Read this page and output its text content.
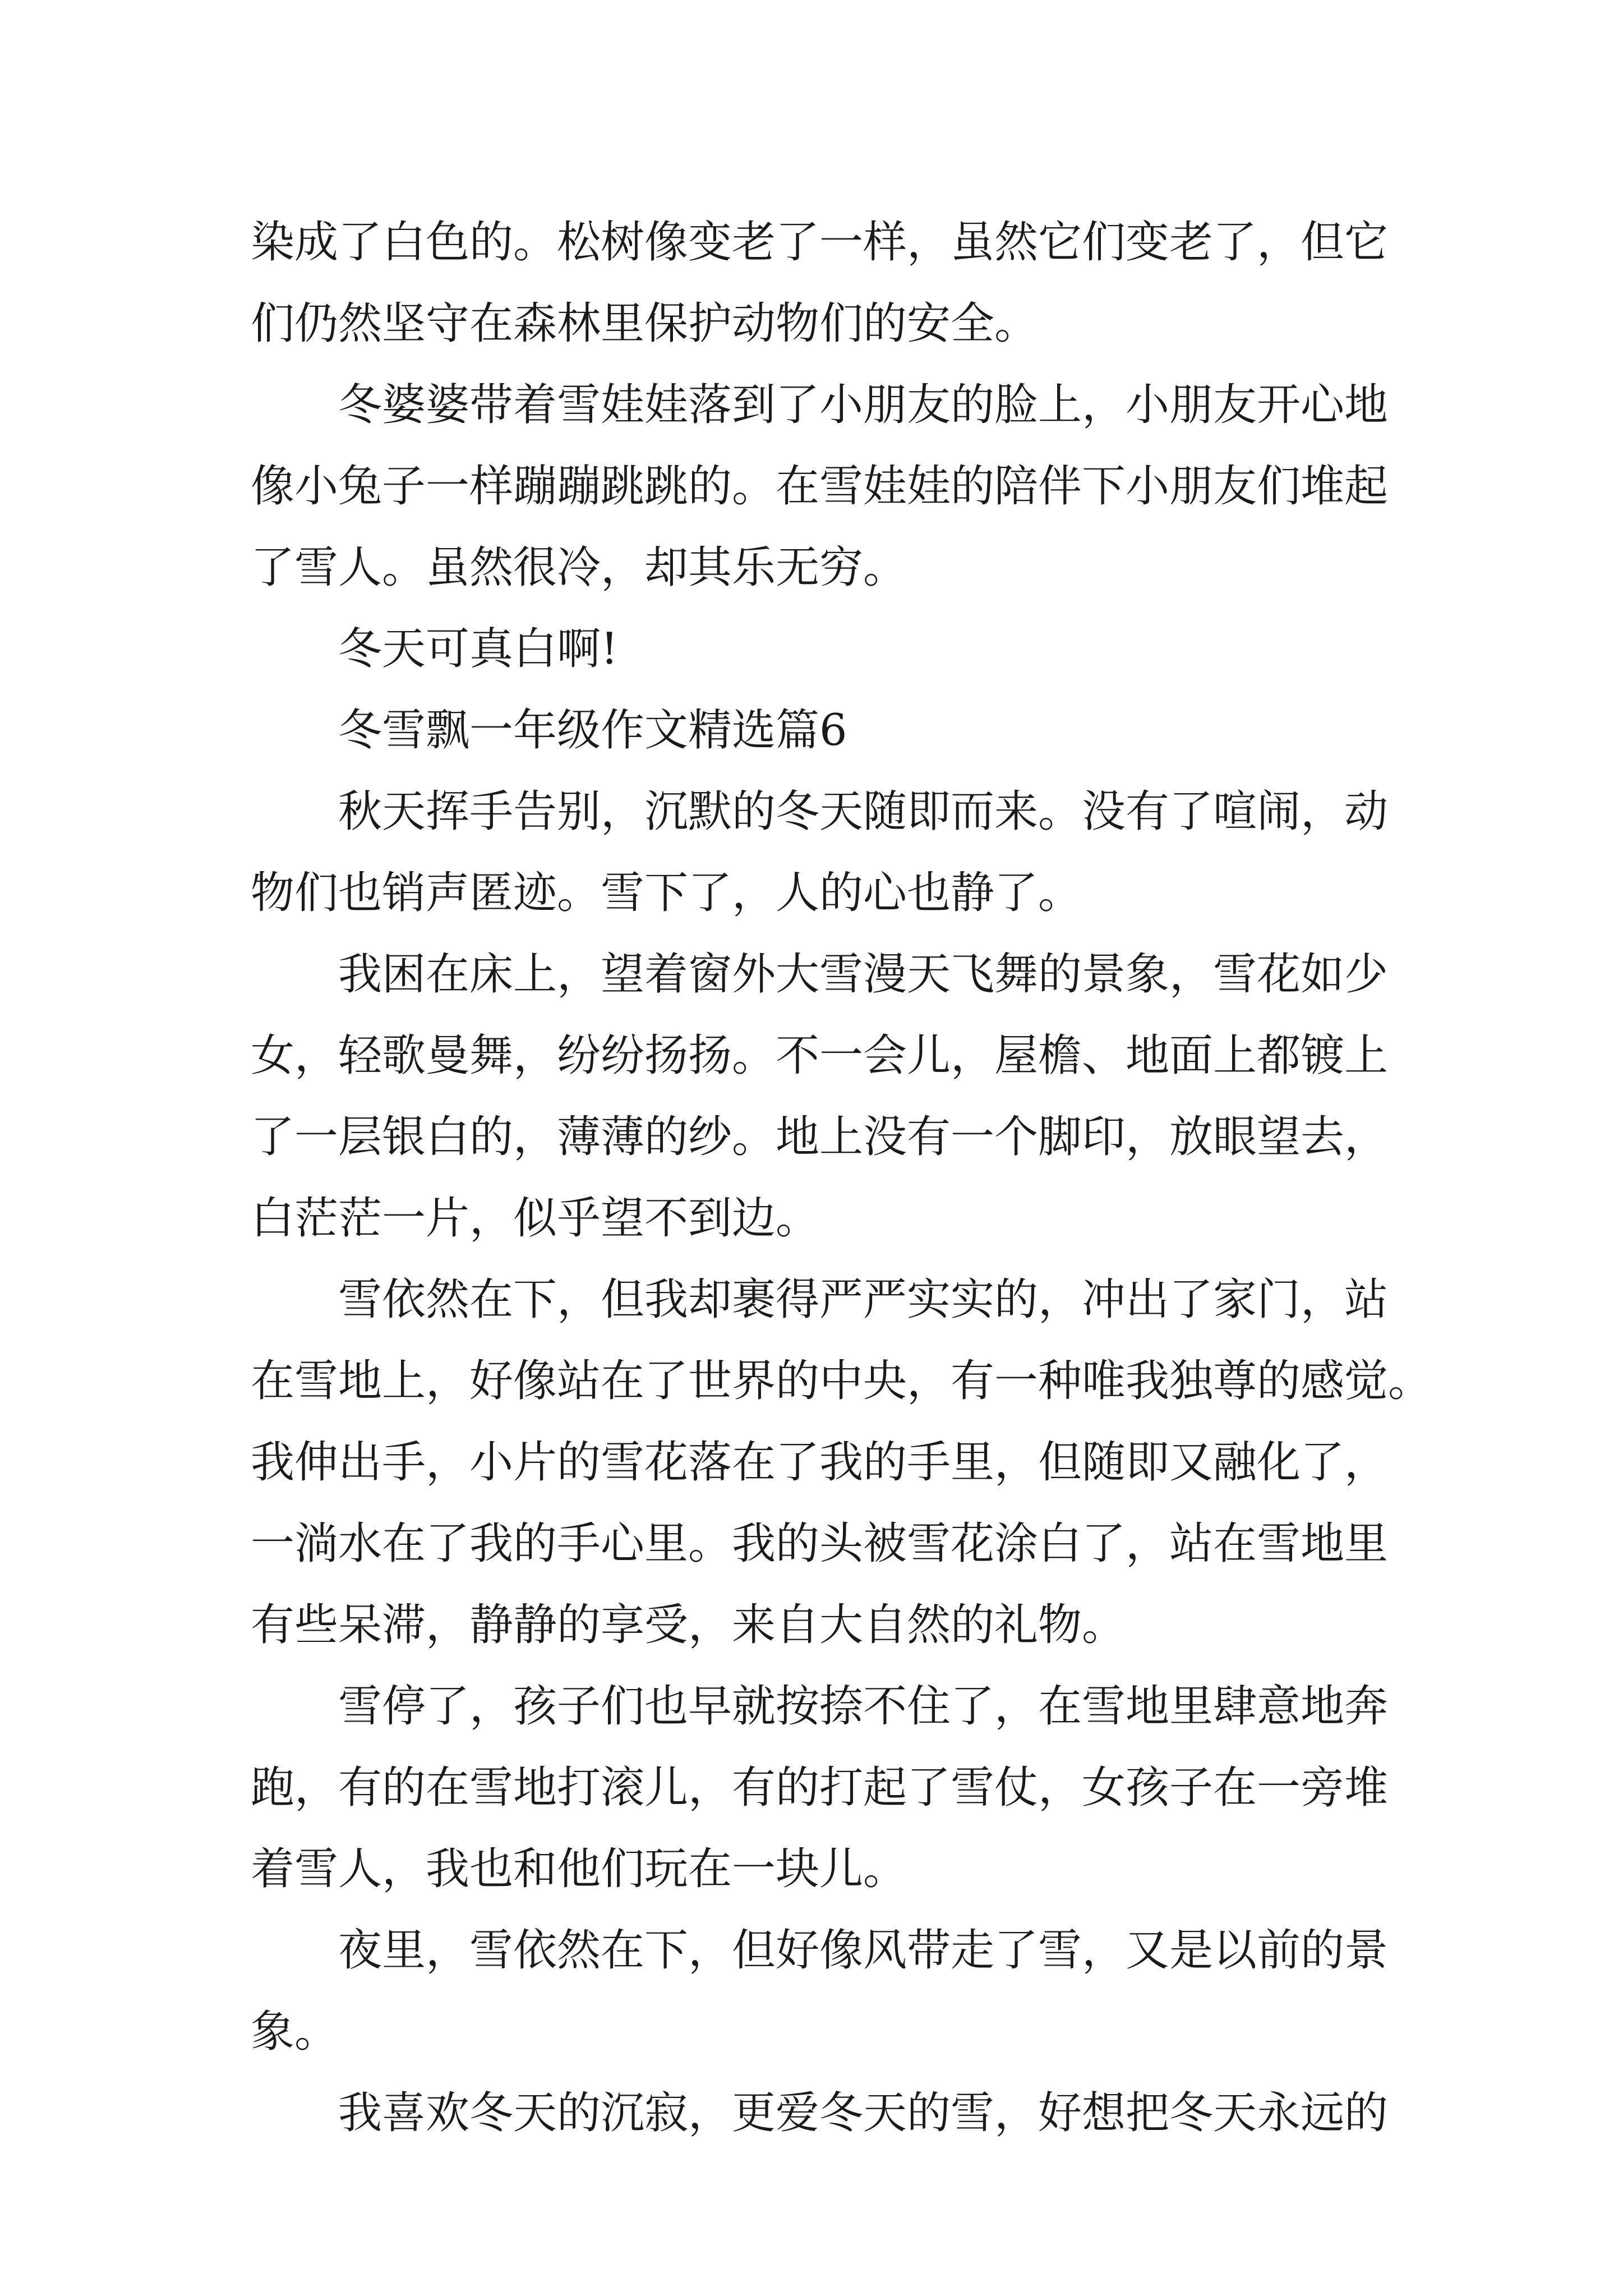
染成了白色的。松树像变老了一样，虽然它们变老了，但它
们仍然坚守在森林里保护动物们的安全。

冬婆婆带着雪娃娃落到了小朋友的脸上，小朋友开心地
像小兔子一样蹦蹦跳跳的。在雪娃娃的陪伴下小朋友们堆起
了雪人。虽然很冷，却其乐无穷。

冬天可真白啊!

冬雪飘一年级作文精选篇6

秋天挥手告别，沉默的冬天随即而来。没有了喧闹，动
物们也销声匿迹。雪下了，人的心也静了。

我困在床上，望着窗外大雪漫天飞舞的景象，雪花如少
女，轻歌曼舞，纷纷扬扬。不一会儿，屋檐、地面上都镀上
了一层银白的，薄薄的纱。地上没有一个脚印，放眼望去，
白茫茫一片，似乎望不到边。

雪依然在下，但我却裹得严严实实的，冲出了家门，站
在雪地上，好像站在了世界的中央，有一种唯我独尊的感觉。
我伸出手，小片的雪花落在了我的手里，但随即又融化了，
一淌水在了我的手心里。我的头被雪花涂白了，站在雪地里
有些呆滞，静静的享受，来自大自然的礼物。

雪停了，孩子们也早就按捺不住了，在雪地里肆意地奔
跑，有的在雪地打滚儿，有的打起了雪仗，女孩子在一旁堆
着雪人，我也和他们玩在一块儿。

夜里，雪依然在下，但好像风带走了雪，又是以前的景
象。

我喜欢冬天的沉寂，更爱冬天的雪，好想把冬天永远的
